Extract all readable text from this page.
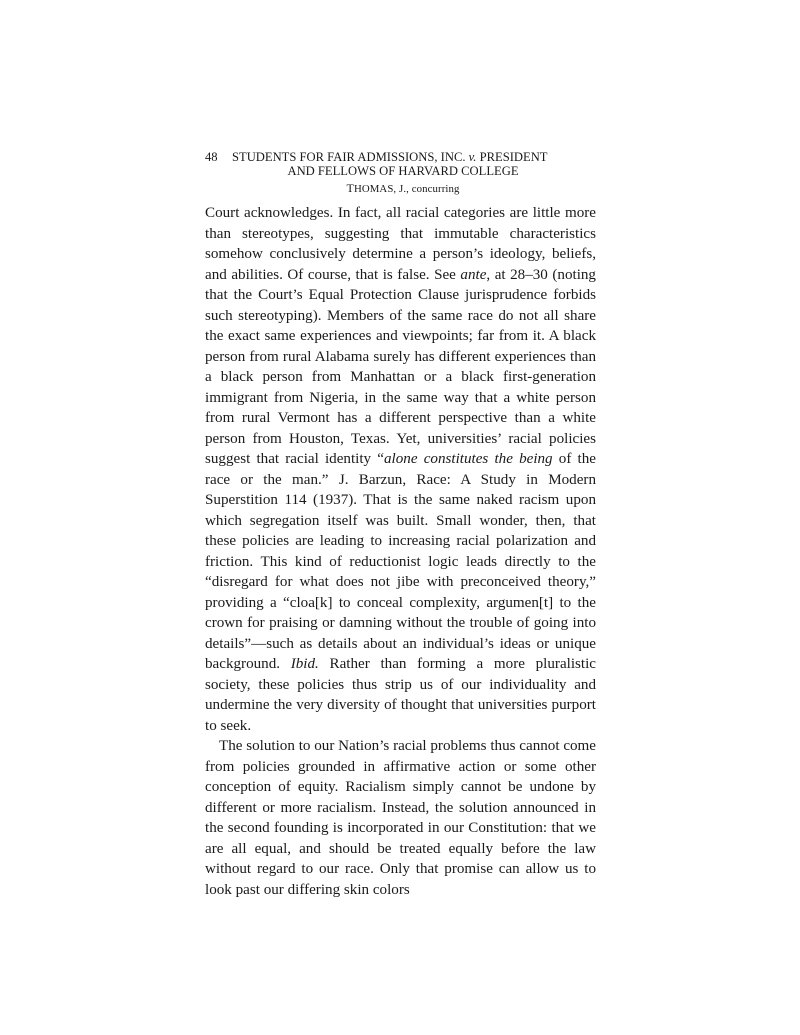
48	STUDENTS FOR FAIR ADMISSIONS, INC. v. PRESIDENT
AND FELLOWS OF HARVARD COLLEGE
THOMAS, J., concurring

Court acknowledges. In fact, all racial categories are little more than stereotypes, suggesting that immutable characteristics somehow conclusively determine a person’s ideology, beliefs, and abilities. Of course, that is false. See ante, at 28–30 (noting that the Court’s Equal Protection Clause jurisprudence forbids such stereotyping). Members of the same race do not all share the exact same experiences and viewpoints; far from it. A black person from rural Alabama surely has different experiences than a black person from Manhattan or a black first-generation immigrant from Nigeria, in the same way that a white person from rural Vermont has a different perspective than a white person from Houston, Texas. Yet, universities’ racial policies suggest that racial identity “alone constitutes the being of the race or the man.” J. Barzun, Race: A Study in Modern Superstition 114 (1937). That is the same naked racism upon which segregation itself was built. Small wonder, then, that these policies are leading to increasing racial polarization and friction. This kind of reductionist logic leads directly to the “disregard for what does not jibe with preconceived theory,” providing a “cloa[k] to conceal complexity, argumen[t] to the crown for praising or damning without the trouble of going into details”—such as details about an individual’s ideas or unique background. Ibid. Rather than forming a more pluralistic society, these policies thus strip us of our individuality and undermine the very diversity of thought that universities purport to seek.

The solution to our Nation’s racial problems thus cannot come from policies grounded in affirmative action or some other conception of equity. Racialism simply cannot be undone by different or more racialism. Instead, the solution announced in the second founding is incorporated in our Constitution: that we are all equal, and should be treated equally before the law without regard to our race. Only that promise can allow us to look past our differing skin colors
